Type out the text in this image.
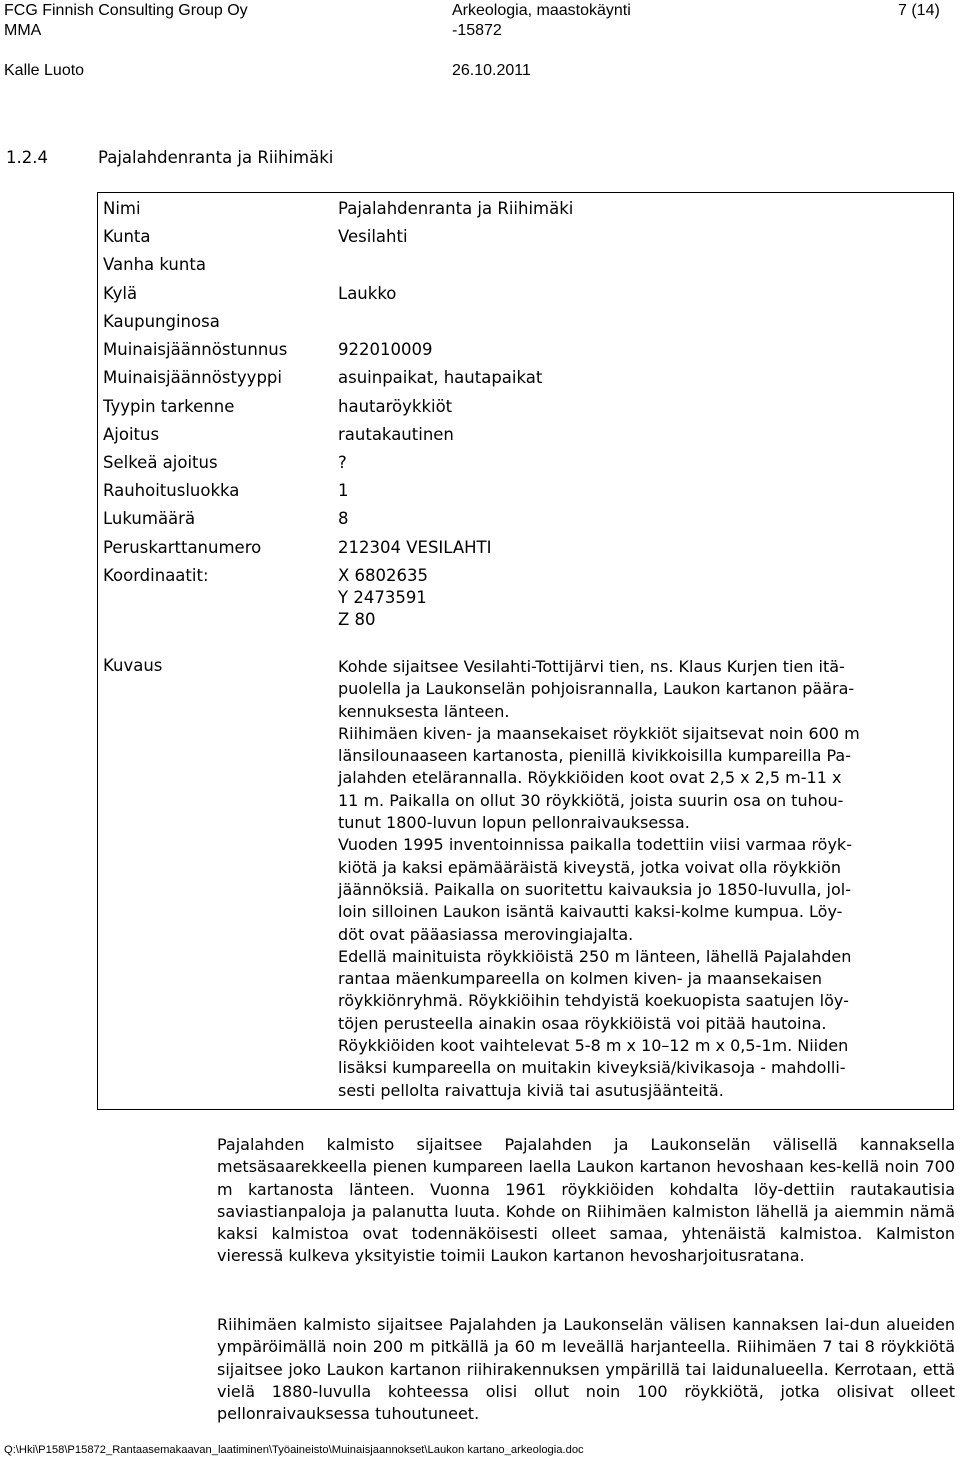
FCG Finnish Consulting Group Oy
MMA
Kalle Luoto
Arkeologia, maastokäynti
-15872
26.10.2011
7 (14)
1.2.4	Pajalahdenranta ja Riihimäki
Nimi	Pajalahdenranta ja Riihimäki
Kunta	Vesilahti
Vanha kunta
Kylä	Laukko
Kaupunginosa
Muinaisjäännöstunnus	922010009
Muinaisjäännöstyyppi	asuinpaikat, hautapaikat
Tyypin tarkenne	hautaröykkiöt
Ajoitus	rautakautinen
Selkeä ajoitus	?
Rauhoitusluokka	1
Lukumäärä	8
Peruskarttanumero	212304 VESILAHTI
Koordinaatit:	X 6802635
Y 2473591
Z 80
Kuvaus	Kohde sijaitsee Vesilahti-Tottijärvi tien, ns. Klaus Kurjen tien itä-

puolella ja Laukonselän pohjoisrannalla, Laukon kartanon päära-

kennuksesta länteen.

Riihimäen kiven- ja maansekaiset röykkiöt sijaitsevat noin 600 m

länsilounaaseen kartanosta, pienillä kivikkoisilla kumpareilla Pa-

jalahden etelärannalla. Röykkiöiden koot ovat 2,5 x 2,5 m-11 x

11 m. Paikalla on ollut 30 röykkiötä, joista suurin osa on tuhou-

tunut 1800-luvun lopun pellonraivauksessa.

Vuoden 1995 inventoinnissa paikalla todettiin viisi varmaa röyk-

kiötä ja kaksi epämääräistä kiveystä, jotka voivat olla röykkiön

jäännöksiä. Paikalla on suoritettu kaivauksia jo 1850-luvulla, jol-

loin silloinen Laukon isäntä kaivautti kaksi-kolme kumpua. Löy-

döt ovat pääasiassa merovingiajalta.

Edellä mainituista röykkiöistä 250 m länteen, lähellä Pajalahden

rantaa mäenkumpareella on kolmen kiven- ja maansekaisen

röykkiönryhmä. Röykkiöihin tehdyistä koekuopista saatujen löy-

töjen perusteella ainakin osaa röykkiöistä voi pitää hautoina.

Röykkiöiden koot vaihtelevat 5-8 m x 10–12 m x 0,5-1m. Niiden

lisäksi kumpareella on muitakin kiveyksiä/kivikasoja - mahdolli-

sesti pellolta raivattuja kiviä tai asutusjäänteitä.

Pajalahden kalmisto sijaitsee Pajalahden ja Laukonselän välisellä kannaksella metsäsaarekkeella pienen kumpareen laella Laukon kartanon hevoshaan kes-kellä noin 700 m kartanosta länteen. Vuonna 1961 röykkiöiden kohdalta löy-dettiin rautakautisia saviastianpaloja ja palanutta luuta. Kohde on Riihimäen kalmiston lähellä ja aiemmin nämä kaksi kalmistoa ovat todennäköisesti olleet samaa, yhtenäistä kalmistoa. Kalmiston vieressä kulkeva yksityistie toimii Laukon kartanon hevosharjoitusratana.

Riihimäen kalmisto sijaitsee Pajalahden ja Laukonselän välisen kannaksen lai-dun alueiden ympäröimällä noin 200 m pitkällä ja 60 m leveällä harjanteella. Riihimäen 7 tai 8 röykkiötä sijaitsee joko Laukon kartanon riihirakennuksen ympärillä tai laidunalueella. Kerrotaan, että vielä 1880-luvulla kohteessa olisi ollut noin 100 röykkiötä, jotka olisivat olleet pellonraivauksessa tuhoutuneet.

Q:\Hki\P158\P15872_Rantaasemakaavan_laatiminen\Työaineisto\Muinaisjaannokset\Laukon kartano_arkeologia.doc
